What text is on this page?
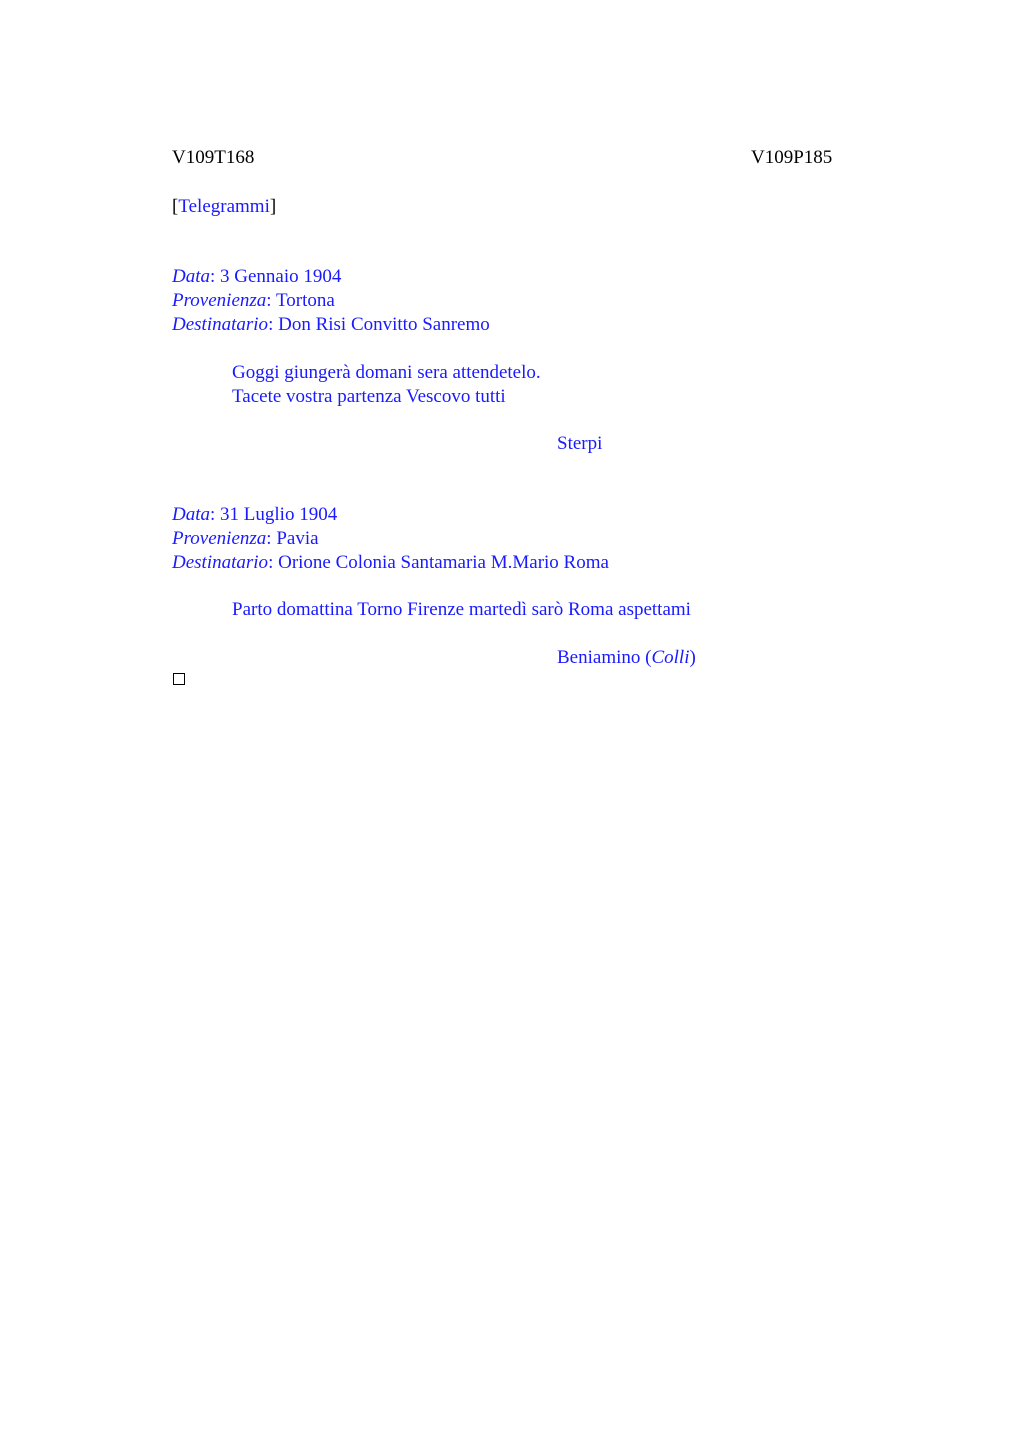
V109T168	V109P185
[Telegrammi]
Data: 3 Gennaio 1904
Provenienza: Tortona
Destinatario: Don Risi Convitto Sanremo
Goggi giungerà domani sera attendetelo.
Tacete vostra partenza Vescovo tutti
Sterpi
Data: 31 Luglio 1904
Provenienza: Pavia
Destinatario: Orione Colonia Santamaria M.Mario Roma
Parto domattina Torno Firenze martedì sarò Roma aspettami
Beniamino (Colli)
